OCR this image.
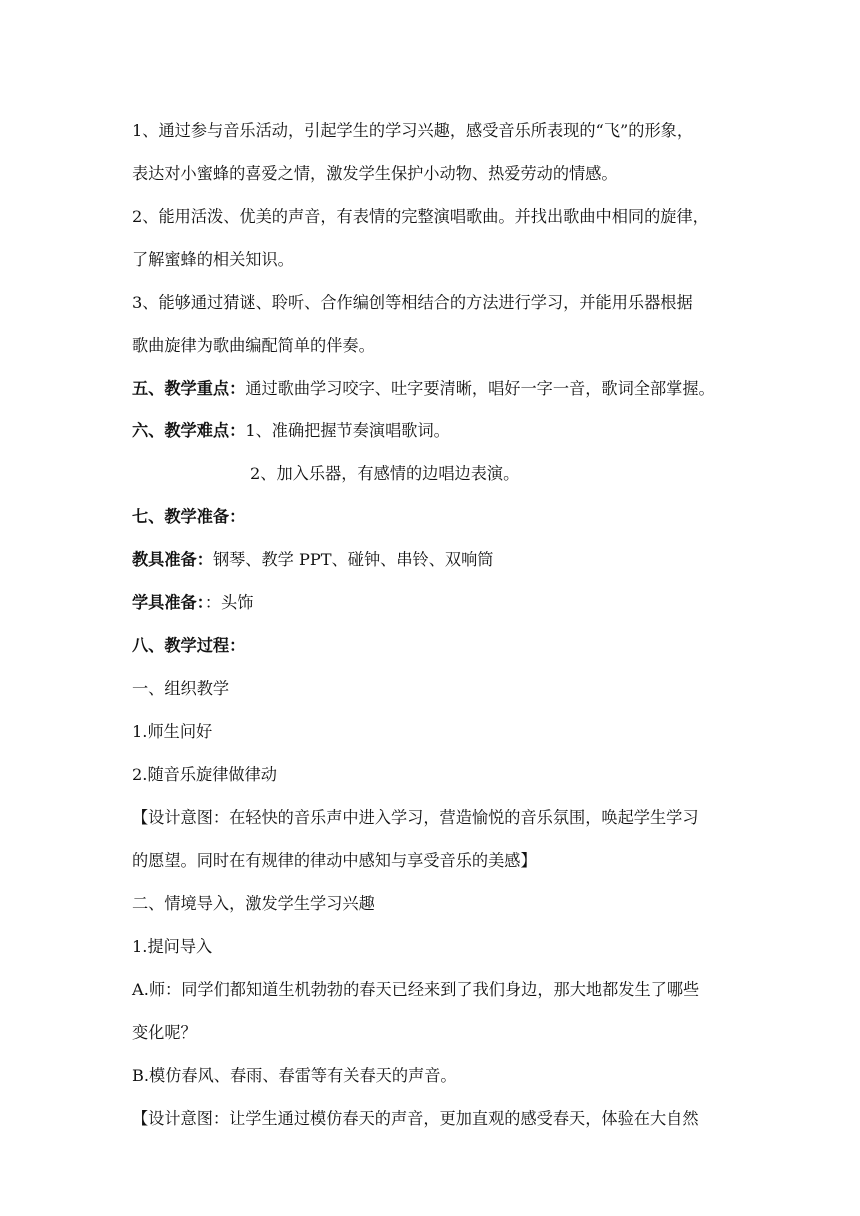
1、通过参与音乐活动，引起学生的学习兴趣，感受音乐所表现的“飞”的形象，
表达对小蜜蜂的喜爱之情，激发学生保护小动物、热爱劳动的情感。
2、能用活泼、优美的声音，有表情的完整演唱歌曲。并找出歌曲中相同的旋律，
了解蜜蜂的相关知识。
3、能够通过猜谜、聆听、合作编创等相结合的方法进行学习，并能用乐器根据
歌曲旋律为歌曲编配简单的伴奏。
五、教学重点：通过歌曲学习咬字、吐字要清晰，唱好一字一音，歌词全部掌握。
六、教学难点：1、准确把握节奏演唱歌词。
2、加入乐器，有感情的边唱边表演。
七、教学准备：
教具准备：钢琴、教学 PPT、碰钟、串铃、双响筒
学具准备：：头饰
八、教学过程：
一、组织教学
1.师生问好
2.随音乐旋律做律动
【设计意图：在轻快的音乐声中进入学习，营造愉悦的音乐氛围，唤起学生学习
的愿望。同时在有规律的律动中感知与享受音乐的美感】
二、情境导入，激发学生学习兴趣
1.提问导入
A.师：同学们都知道生机勃勃的春天已经来到了我们身边，那大地都发生了哪些
变化呢？
B.模仿春风、春雨、春雷等有关春天的声音。
【设计意图：让学生通过模仿春天的声音，更加直观的感受春天，体验在大自然
